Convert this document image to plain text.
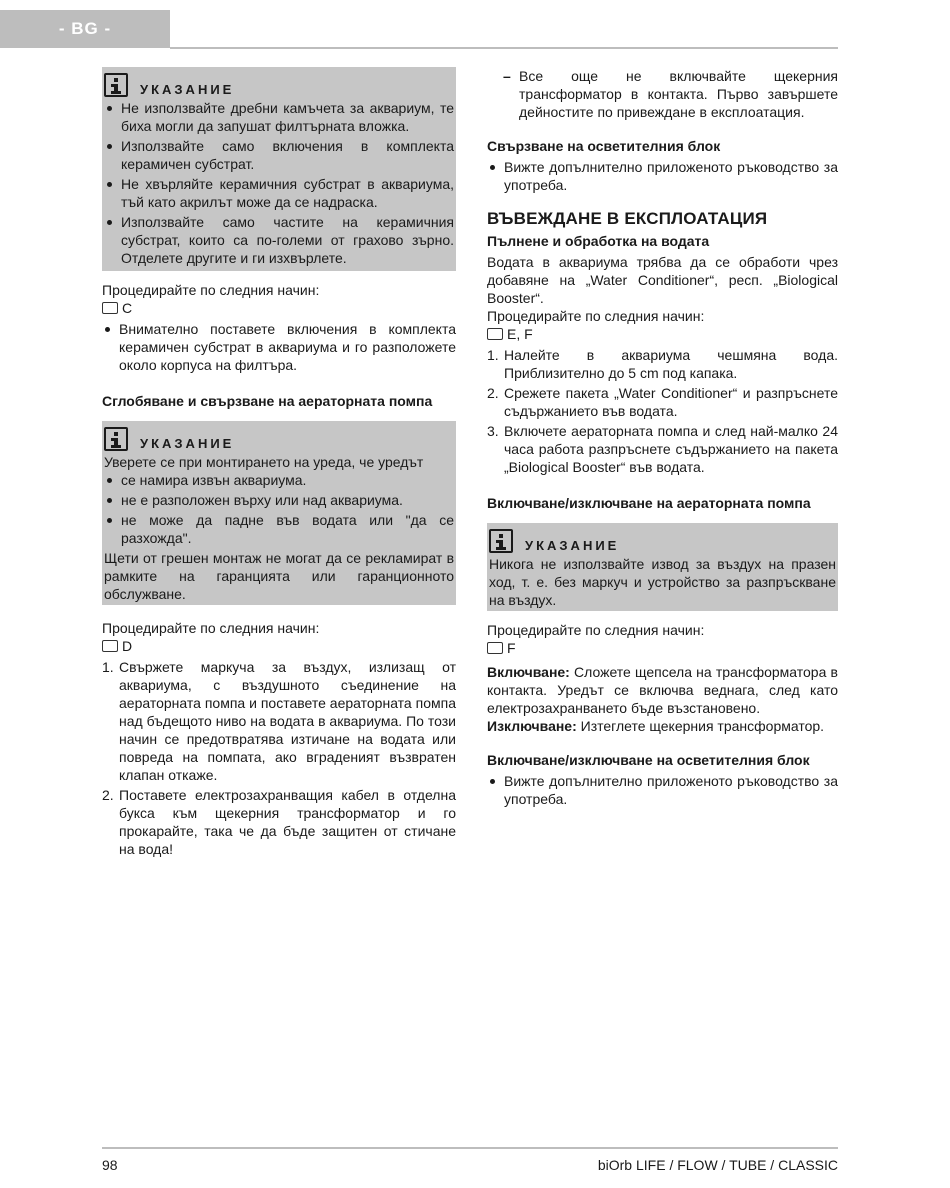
- BG -
УКАЗАНИЕ
Не използвайте дребни камъчета за аквариум, те биха могли да запушат филтърната вложка.
Използвайте само включения в комплекта керамичен субстрат.
Не хвърляйте керамичния субстрат в аквариума, тъй като акрилът може да се надраска.
Използвайте само частите на керамичния субстрат, които са по-големи от грахово зърно. Отделете другите и ги изхвърлете.

Процедирайте по следния начин:

C
Внимателно поставете включения в комплекта керамичен субстрат в аквариума и го разположете около корпуса на филтъра.
Сглобяване и свързване на аераторната помпа
УКАЗАНИЕ

Уверете се при монтирането на уреда, че уредът

се намира извън аквариума.
не е разположен върху или над аквариума.
не може да падне във водата или "да се разхожда".

Щети от грешен монтаж не могат да се рекламират в рамките на гаранцията или гаранционното обслужване.

Процедирайте по следния начин:

D
1. Свържете маркуча за въздух, излизащ от аквариума, с въздушното съединение на аераторната помпа и поставете аераторната помпа над бъдещото ниво на водата в аквариума. По този начин се предотвратява изтичане на водата или повреда на помпата, ако вграденият възвратен клапан откаже.
2. Поставете електрозахранващия кабел в отделна букса към щекерния трансформатор и го прокарайте, така че да бъде защитен от стичане на вода!
– Все още не включвайте щекерния трансформатор в контакта. Първо завършете дейностите по привеждане в експлоатация.
Свързване на осветителния блок
Вижте допълнително приложеното ръководство за употреба.
ВЪВЕЖДАНЕ В ЕКСПЛОАТАЦИЯ
Пълнене и обработка на водата

Водата в аквариума трябва да се обработи чрез добавяне на „Water Conditioner“, респ. „Biological Booster“.

Процедирайте по следния начин:

E, F
1. Налейте в аквариума чешмяна вода. Приблизително до 5 cm под капака.
2. Срежете пакета „Water Conditioner“ и разпръснете съдържанието във водата.
3. Включете аераторната помпа и след най-малко 24 часа работа разпръснете съдържанието на пакета „Biological Booster“ във водата.
Включване/изключване на аераторната помпа
УКАЗАНИЕ

Никога не използвайте извод за въздух на празен ход, т. е. без маркуч и устройство за разпръскване на въздух.

Процедирайте по следния начин:

F

Включване: Сложете щепсела на трансформатора в контакта. Уредът се включва веднага, след като електрозахранването бъде възстановено.

Изключване: Изтеглете щекерния трансформатор.

Включване/изключване на осветителния блок
Вижте допълнително приложеното ръководство за употреба.
98	biOrb LIFE / FLOW / TUBE / CLASSIC
